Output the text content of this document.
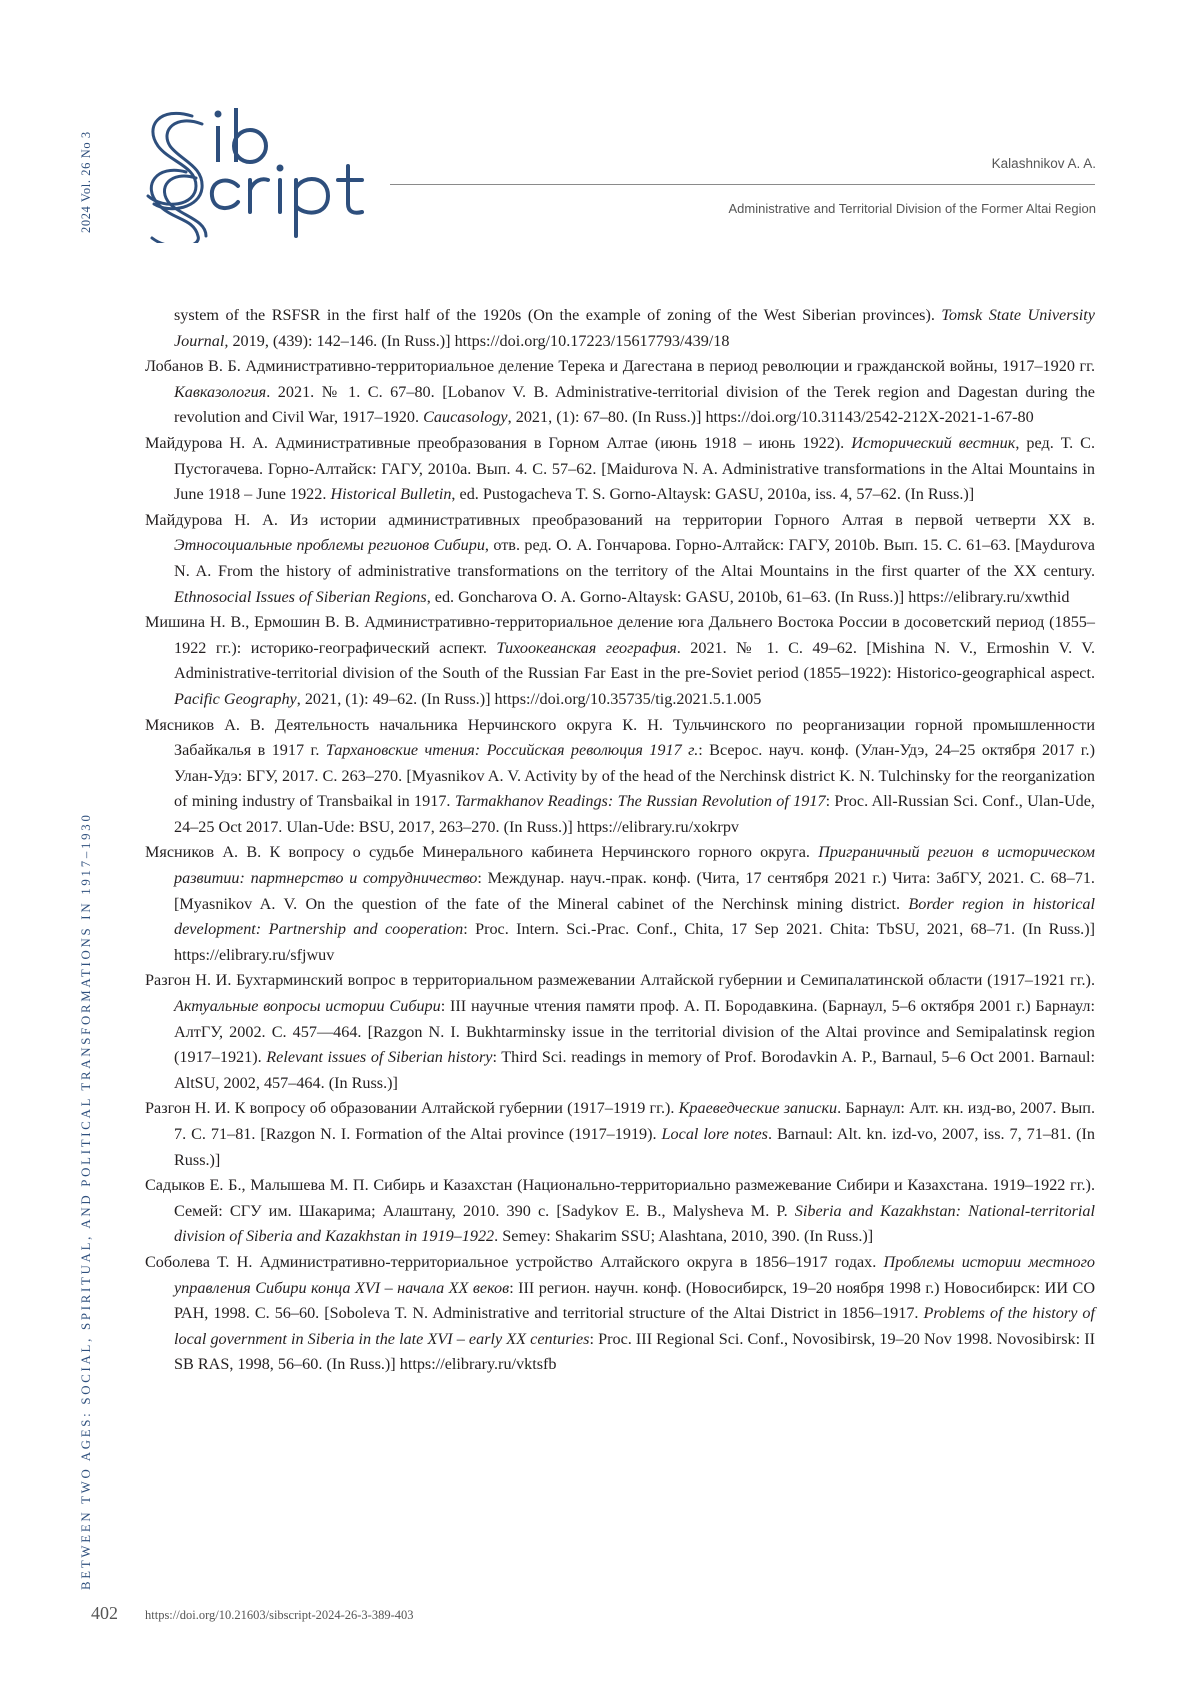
2024 Vol. 26 No 3
BETWEEN TWO AGES: SOCIAL, SPIRITUAL, AND POLITICAL TRANSFORMATIONS IN 1917–1930
Kalashnikov A. A.
Administrative and Territorial Division of the Former Altai Region
system of the RSFSR in the first half of the 1920s (On the example of zoning of the West Siberian provinces). Tomsk State University Journal, 2019, (439): 142–146. (In Russ.)] https://doi.org/10.17223/15617793/439/18
Лобанов В. Б. Административно-территориальное деление Терека и Дагестана в период революции и гражданской войны, 1917–1920 гг. Кавказология. 2021. № 1. С. 67–80. [Lobanov V. B. Administrative-territorial division of the Terek region and Dagestan during the revolution and Civil War, 1917–1920. Caucasology, 2021, (1): 67–80. (In Russ.)] https://doi.org/10.31143/2542-212X-2021-1-67-80
Майдурова Н. А. Административные преобразования в Горном Алтае (июнь 1918 – июнь 1922). Исторический вестник, ред. Т. С. Пустогачева. Горно-Алтайск: ГАГУ, 2010a. Вып. 4. С. 57–62. [Maidurova N. A. Administrative transformations in the Altai Mountains in June 1918 – June 1922. Historical Bulletin, ed. Pustogacheva T. S. Gorno-Altaysk: GASU, 2010a, iss. 4, 57–62. (In Russ.)]
Майдурова Н. А. Из истории административных преобразований на территории Горного Алтая в первой четверти ХХ в. Этносоциальные проблемы регионов Сибири, отв. ред. О. А. Гончарова. Горно-Алтайск: ГАГУ, 2010b. Вып. 15. С. 61–63. [Maydurova N. A. From the history of administrative transformations on the territory of the Altai Mountains in the first quarter of the XX century. Ethnosocial Issues of Siberian Regions, ed. Goncharova O. A. Gorno-Altaysk: GASU, 2010b, 61–63. (In Russ.)] https://elibrary.ru/xwthid
Мишина Н. В., Ермошин В. В. Административно-территориальное деление юга Дальнего Востока России в досоветский период (1855–1922 гг.): историко-географический аспект. Тихоокеанская география. 2021. № 1. С. 49–62. [Mishina N. V., Ermoshin V. V. Administrative-territorial division of the South of the Russian Far East in the pre-Soviet period (1855–1922): Historico-geographical aspect. Pacific Geography, 2021, (1): 49–62. (In Russ.)] https://doi.org/10.35735/tig.2021.5.1.005
Мясников А. В. Деятельность начальника Нерчинского округа К. Н. Тульчинского по реорганизации горной промышленности Забайкалья в 1917 г. Тархановские чтения: Российская революция 1917 г.: Всерос. науч. конф. (Улан-Удэ, 24–25 октября 2017 г.) Улан-Удэ: БГУ, 2017. С. 263–270. [Myasnikov A. V. Activity by of the head of the Nerchinsk district K. N. Tulchinsky for the reorganization of mining industry of Transbaikal in 1917. Tarmakhanov Readings: The Russian Revolution of 1917: Proc. All-Russian Sci. Conf., Ulan-Ude, 24–25 Oct 2017. Ulan-Ude: BSU, 2017, 263–270. (In Russ.)] https://elibrary.ru/xokrpv
Мясников А. В. К вопросу о судьбе Минерального кабинета Нерчинского горного округа. Приграничный регион в историческом развитии: партнерство и сотрудничество: Междунар. науч.-прак. конф. (Чита, 17 сентября 2021 г.) Чита: ЗабГУ, 2021. С. 68–71. [Myasnikov A. V. On the question of the fate of the Mineral cabinet of the Nerchinsk mining district. Border region in historical development: Partnership and cooperation: Proc. Intern. Sci.-Prac. Conf., Chita, 17 Sep 2021. Chita: TbSU, 2021, 68–71. (In Russ.)] https://elibrary.ru/sfjwuv
Разгон Н. И. Бухтарминский вопрос в территориальном размежевании Алтайской губернии и Семипалатинской области (1917–1921 гг.). Актуальные вопросы истории Сибири: III научные чтения памяти проф. А. П. Бородавкина. (Барнаул, 5–6 октября 2001 г.) Барнаул: АлтГУ, 2002. С. 457—464. [Razgon N. I. Bukhtarminsky issue in the territorial division of the Altai province and Semipalatinsk region (1917–1921). Relevant issues of Siberian history: Third Sci. readings in memory of Prof. Borodavkin A. P., Barnaul, 5–6 Oct 2001. Barnaul: AltSU, 2002, 457–464. (In Russ.)]
Разгон Н. И. К вопросу об образовании Алтайской губернии (1917–1919 гг.). Краеведческие записки. Барнаул: Алт. кн. изд-во, 2007. Вып. 7. С. 71–81. [Razgon N. I. Formation of the Altai province (1917–1919). Local lore notes. Barnaul: Alt. kn. izd-vo, 2007, iss. 7, 71–81. (In Russ.)]
Садыков Е. Б., Малышева М. П. Сибирь и Казахстан (Национально-территориально размежевание Сибири и Казахстана. 1919–1922 гг.). Семей: СГУ им. Шакарима; Алаштану, 2010. 390 с. [Sadykov E. B., Malysheva M. P. Siberia and Kazakhstan: National-territorial division of Siberia and Kazakhstan in 1919–1922. Semey: Shakarim SSU; Alashtana, 2010, 390. (In Russ.)]
Соболева Т. Н. Административно-территориальное устройство Алтайского округа в 1856–1917 годах. Проблемы истории местного управления Сибири конца XVI – начала XX веков: III регион. научн. конф. (Новосибирск, 19–20 ноября 1998 г.) Новосибирск: ИИ СО РАН, 1998. С. 56–60. [Soboleva T. N. Administrative and territorial structure of the Altai District in 1856–1917. Problems of the history of local government in Siberia in the late XVI – early XX centuries: Proc. III Regional Sci. Conf., Novosibirsk, 19–20 Nov 1998. Novosibirsk: II SB RAS, 1998, 56–60. (In Russ.)] https://elibrary.ru/vktsfb
402 https://doi.org/10.21603/sibscript-2024-26-3-389-403
